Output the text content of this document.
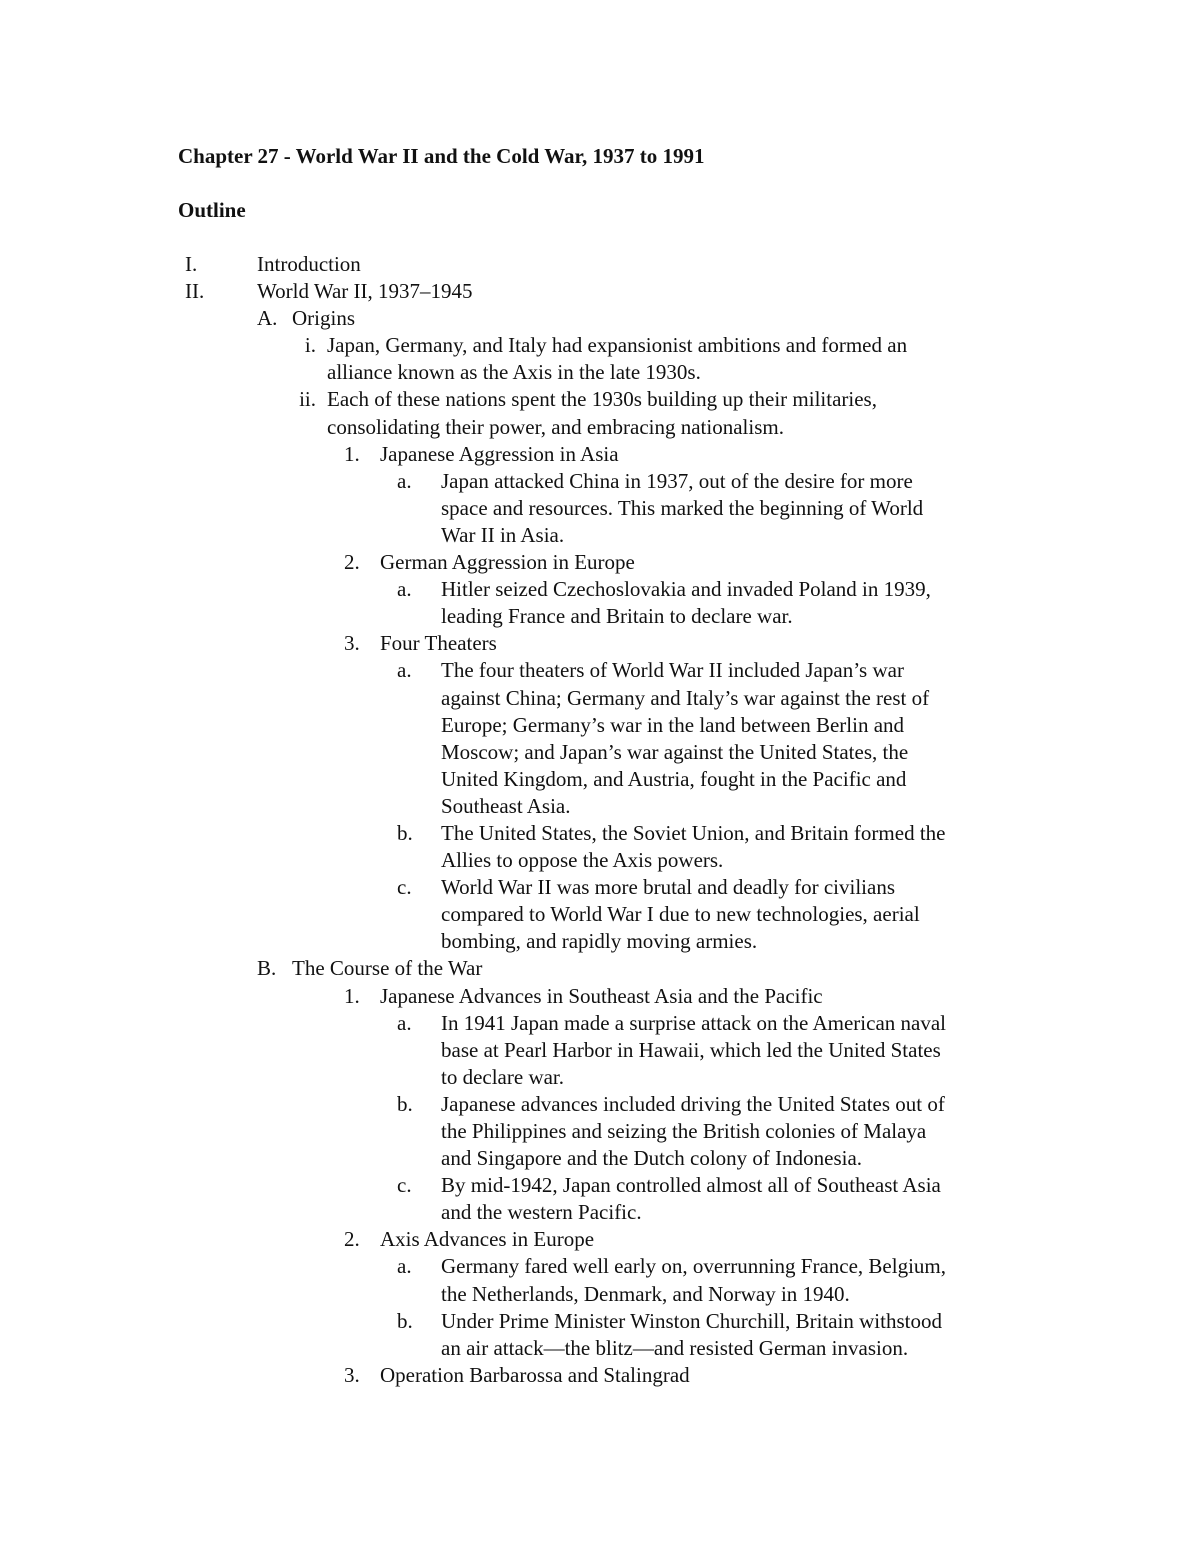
Chapter 27 - World War II and the Cold War, 1937 to 1991
Outline
I.	Introduction
II.	World War II, 1937–1945
A. Origins
i. Japan, Germany, and Italy had expansionist ambitions and formed an
alliance known as the Axis in the late 1930s.
ii. Each of these nations spent the 1930s building up their militaries,
consolidating their power, and embracing nationalism.
1. Japanese Aggression in Asia
a. Japan attacked China in 1937, out of the desire for more
space and resources. This marked the beginning of World
War II in Asia.
2. German Aggression in Europe
a. Hitler seized Czechoslovakia and invaded Poland in 1939,
leading France and Britain to declare war.
3. Four Theaters
a. The four theaters of World War II included Japan’s war
against China; Germany and Italy’s war against the rest of
Europe; Germany’s war in the land between Berlin and
Moscow; and Japan’s war against the United States, the
United Kingdom, and Austria, fought in the Pacific and
Southeast Asia.
b. The United States, the Soviet Union, and Britain formed the
Allies to oppose the Axis powers.
c. World War II was more brutal and deadly for civilians
compared to World War I due to new technologies, aerial
bombing, and rapidly moving armies.
B. The Course of the War
1. Japanese Advances in Southeast Asia and the Pacific
a. In 1941 Japan made a surprise attack on the American naval
base at Pearl Harbor in Hawaii, which led the United States
to declare war.
b. Japanese advances included driving the United States out of
the Philippines and seizing the British colonies of Malaya
and Singapore and the Dutch colony of Indonesia.
c. By mid-1942, Japan controlled almost all of Southeast Asia
and the western Pacific.
2. Axis Advances in Europe
a. Germany fared well early on, overrunning France, Belgium,
the Netherlands, Denmark, and Norway in 1940.
b. Under Prime Minister Winston Churchill, Britain withstood
an air attack—the blitz—and resisted German invasion.
3. Operation Barbarossa and Stalingrad
